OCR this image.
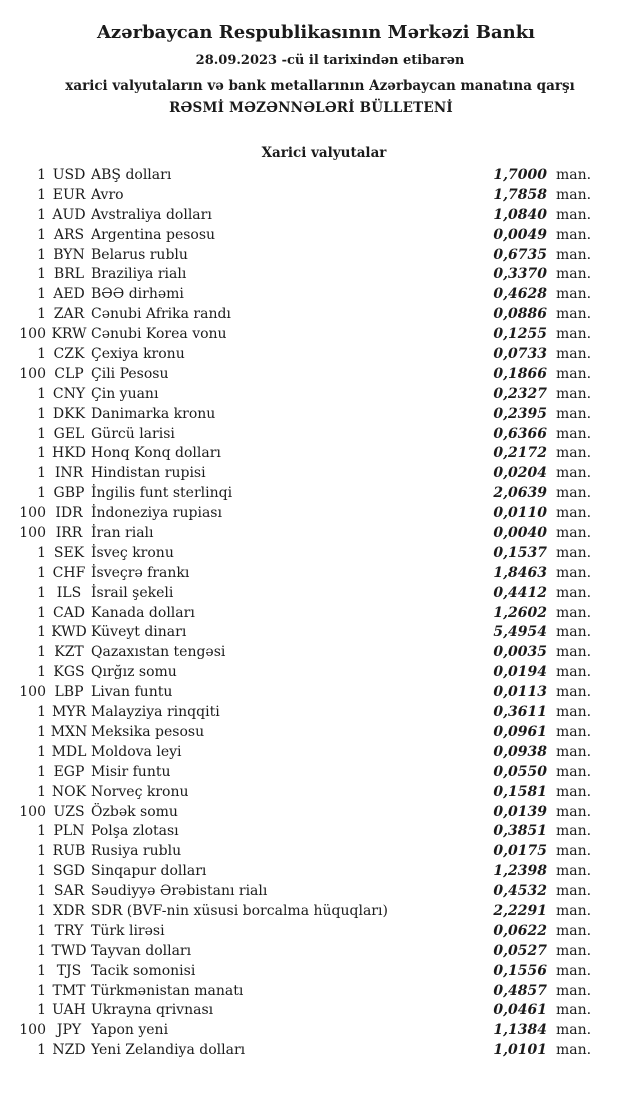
Azərbaycan Respublikasının Mərkəzi Bankı
28.09.2023 -cü il tarixindən etibarən
xarici valyutaların və bank metallarının Azərbaycan manatına qarşı
RƏSMİ MƏZƏNNƏLƏRİ BÜLLETENİ
Xarici valyutalar
1 USD ABŞ dolları	1,7000 man.
1 EUR Avro	1,7858 man.
1 AUD Avstraliya dolları	1,0840 man.
1 ARS Argentina pesosu	0,0049 man.
1 BYN Belarus rublu	0,6735 man.
1 BRL Braziliya rialı	0,3370 man.
1 AED BƏƏ dirhəmi	0,4628 man.
1 ZAR Cənubi Afrika randı	0,0886 man.
100 KRW Cənubi Korea vonu	0,1255 man.
1 CZK Çexiya kronu	0,0733 man.
100 CLP Çili Pesosu	0,1866 man.
1 CNY Çin yuanı	0,2327 man.
1 DKK Danimarka kronu	0,2395 man.
1 GEL Gürcü larisi	0,6366 man.
1 HKD Honq Konq dolları	0,2172 man.
1 INR Hindistan rupisi	0,0204 man.
1 GBP İngilis funt sterlinqi	2,0639 man.
100 IDR İndoneziya rupiası	0,0110 man.
100 IRR İran rialı	0,0040 man.
1 SEK İsveç kronu	0,1537 man.
1 CHF İsveçrə frankı	1,8463 man.
1 ILS İsrail şekeli	0,4412 man.
1 CAD Kanada dolları	1,2602 man.
1 KWD Küveyt dinarı	5,4954 man.
1 KZT Qazaxıstan tengəsi	0,0035 man.
1 KGS Qırğız somu	0,0194 man.
100 LBP Livan funtu	0,0113 man.
1 MYR Malayziya rinqqiti	0,3611 man.
1 MXN Meksika pesosu	0,0961 man.
1 MDL Moldova leyi	0,0938 man.
1 EGP Misir funtu	0,0550 man.
1 NOK Norveç kronu	0,1581 man.
100 UZS Özbək somu	0,0139 man.
1 PLN Polşa zlotası	0,3851 man.
1 RUB Rusiya rublu	0,0175 man.
1 SGD Sinqapur dolları	1,2398 man.
1 SAR Səudiyyə Ərəbistanı rialı	0,4532 man.
1 XDR SDR (BVF-nin xüsusi borcalma hüquqları)	2,2291 man.
1 TRY Türk lirəsi	0,0622 man.
1 TWD Tayvan dolları	0,0527 man.
1 TJS Tacik somonisi	0,1556 man.
1 TMT Türkmənistan manatı	0,4857 man.
1 UAH Ukrayna qrivnası	0,0461 man.
100 JPY Yapon yeni	1,1384 man.
1 NZD Yeni Zelandiya dolları	1,0101 man.
